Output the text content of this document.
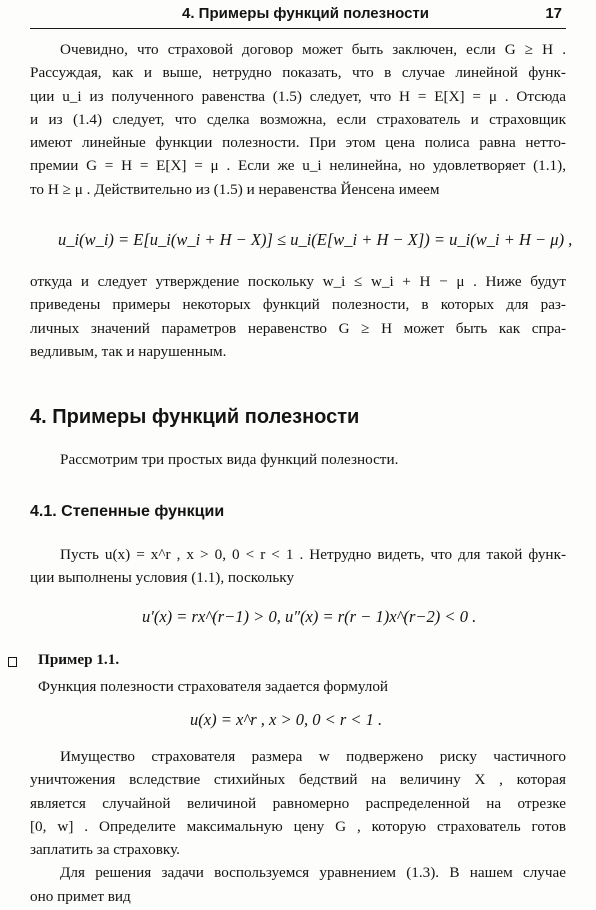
4. Примеры функций полезности	17
Очевидно, что страховой договор может быть заключен, если G ≥ H .
Рассуждая, как и выше, нетрудно показать, что в случае линейной функ-
ции u_i из полученного равенства (1.5) следует, что H = E[X] = μ . Отсюда
и из (1.4) следует, что сделка возможна, если страхователь и страховщик
имеют линейные функции полезности. При этом цена полиса равна нетто-
премии G = H = E[X] = μ . Если же u_i нелинейна, но удовлетворяет (1.1),
то H ≥ μ . Действительно из (1.5) и неравенства Йенсена имеем
u_i(w_i) = E[u_i(w_i + H − X)] ≤ u_i(E[w_i + H − X]) = u_i(w_i + H − μ) ,
откуда и следует утверждение поскольку w_i ≤ w_i + H − μ . Ниже будут
приведены примеры некоторых функций полезности, в которых для раз-
личных значений параметров неравенство G ≥ H может быть как спра-
ведливым, так и нарушенным.
4. Примеры функций полезности
Рассмотрим три простых вида функций полезности.
4.1. Степенные функции
Пусть u(x) = x^r , x > 0, 0 < r < 1 . Нетрудно видеть, что для такой функ-
ции выполнены условия (1.1), поскольку
u′(x) = rx^(r−1) > 0, u″(x) = r(r − 1)x^(r−2) < 0 .
Пример 1.1.
Функция полезности страхователя задается формулой
u(x) = x^r , x > 0, 0 < r < 1 .
Имущество страхователя размера w подвержено риску частичного
уничтожения вследствие стихийных бедствий на величину X , которая
является случайной величиной равномерно распределенной на отрезке
[0, w] . Определите максимальную цену G , которую страхователь готов
заплатить за страховку.
Для решения задачи воспользуемся уравнением (1.3). В нашем случае
оно примет вид
